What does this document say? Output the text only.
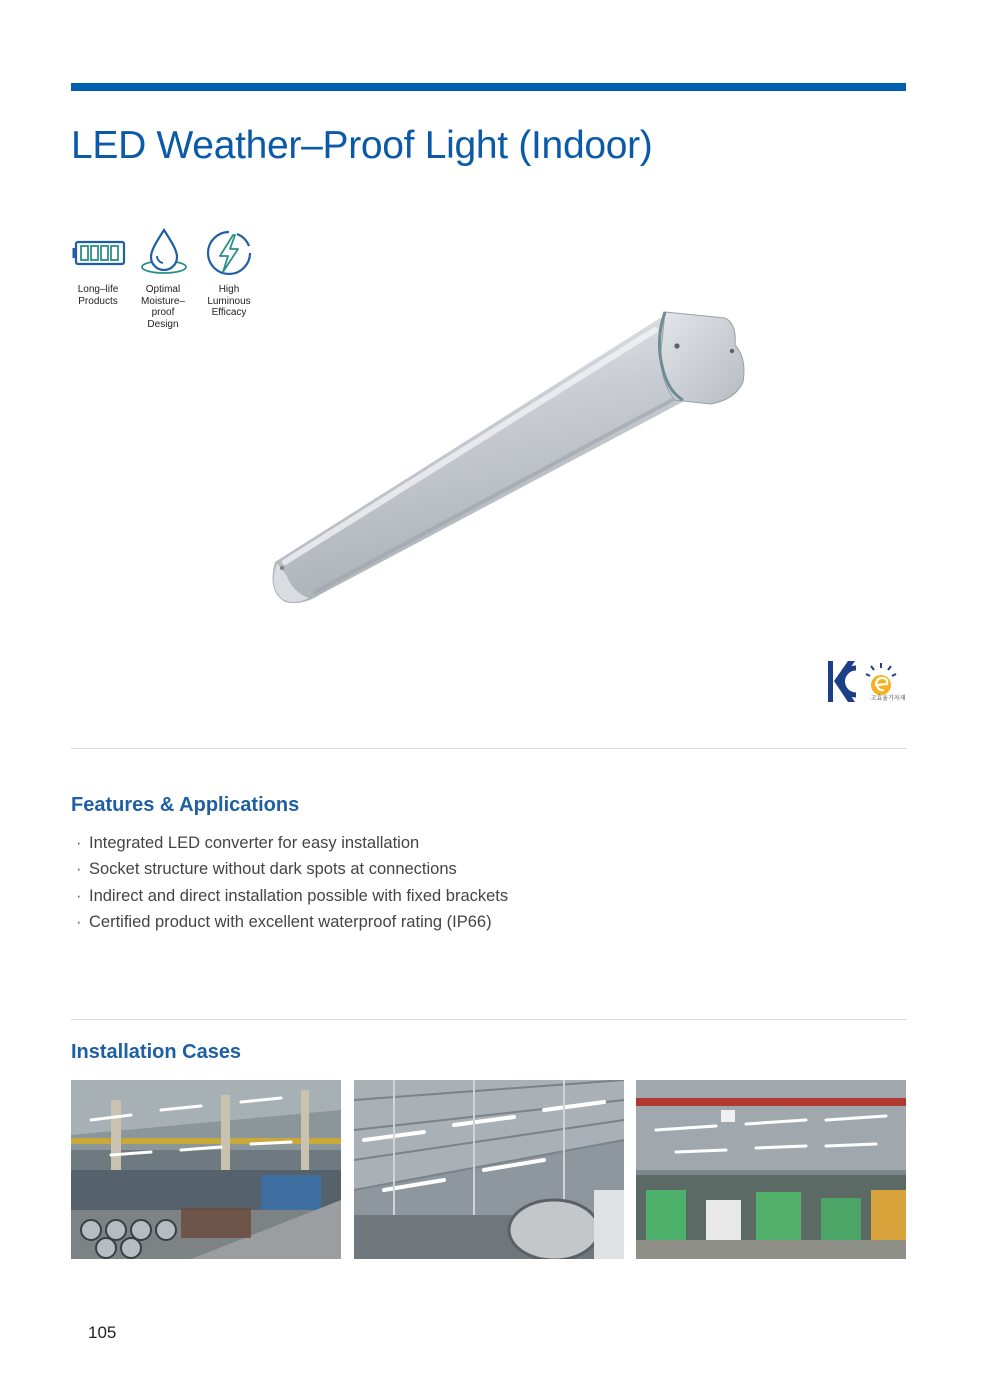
LED Weather–Proof Light (Indoor)
Long–life
Products
Optimal
Moisture–
proof
Design
High
Luminous
Efficacy
고효율기자재
Features & Applications
· Integrated LED converter for easy installation
· Socket structure without dark spots at connections
· Indirect and direct installation possible with fixed brackets
· Certified product with excellent waterproof rating (IP66)
Installation Cases
105
